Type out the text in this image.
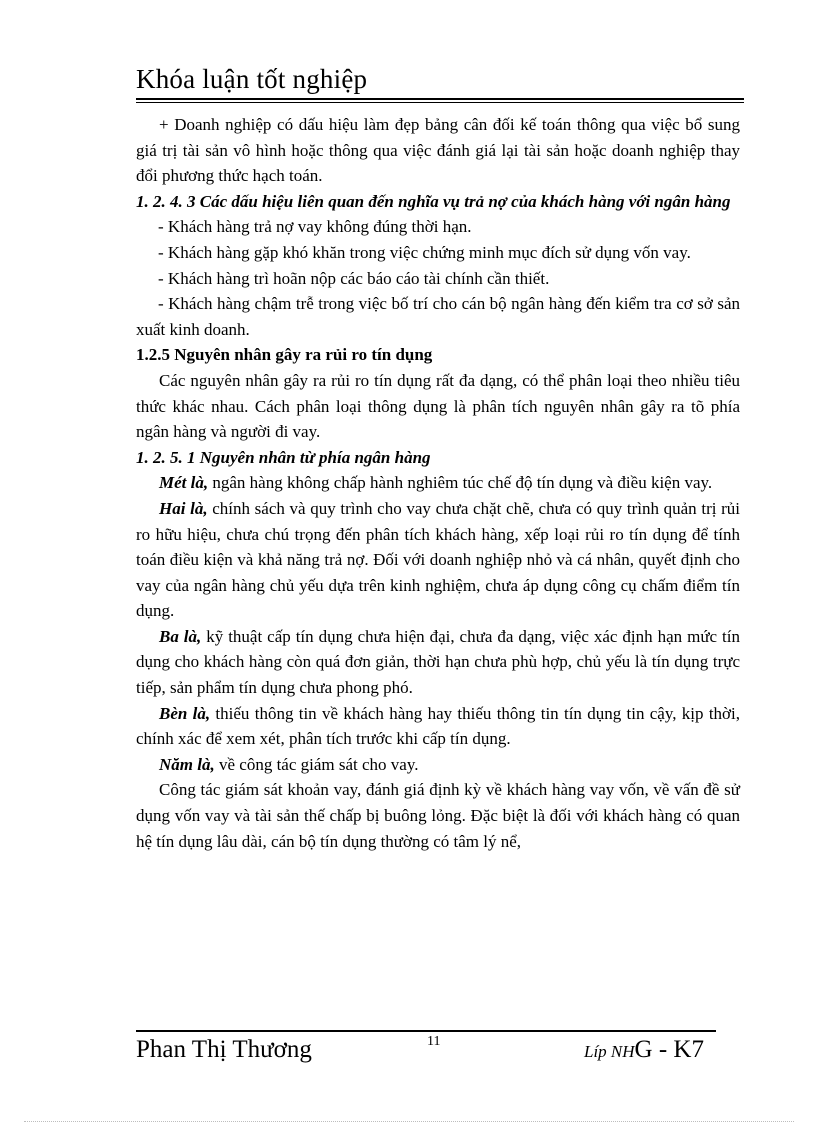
Khóa luận tốt nghiệp

+ Doanh nghiệp có dấu hiệu làm đẹp bảng cân đối kế toán thông qua việc bổ sung giá trị tài sản vô hình hoặc thông qua việc đánh giá lại tài sản hoặc doanh nghiệp thay đổi phương thức hạch toán.

1. 2. 4. 3 Các dấu hiệu liên quan đến nghĩa vụ trả nợ của khách hàng với ngân hàng

- Khách hàng trả nợ vay không đúng thời hạn.

- Khách hàng gặp khó khăn trong việc chứng minh mục đích sử dụng vốn vay.

- Khách hàng trì hoãn nộp các báo cáo tài chính cần thiết.

- Khách hàng chậm trễ trong việc bố trí cho cán bộ ngân hàng đến kiểm tra cơ sở sản xuất kinh doanh.

1.2.5 Nguyên nhân gây ra rủi ro tín dụng

Các nguyên nhân gây ra rủi ro tín dụng rất đa dạng, có thể phân loại theo nhiều tiêu thức khác nhau. Cách phân loại thông dụng là phân tích nguyên nhân gây ra tõ phía ngân hàng và người đi vay.

1. 2. 5. 1 Nguyên nhân từ phía ngân hàng

Mét là, ngân hàng không chấp hành nghiêm túc chế độ tín dụng và điều kiện vay.

Hai là, chính sách và quy trình cho vay chưa chặt chẽ, chưa có quy trình quản trị rủi ro hữu hiệu, chưa chú trọng đến phân tích khách hàng, xếp loại rủi ro tín dụng để tính toán điều kiện và khả năng trả nợ. Đối với doanh nghiệp nhỏ và cá nhân, quyết định cho vay của ngân hàng chủ yếu dựa trên kinh nghiệm, chưa áp dụng công cụ chấm điểm tín dụng.

Ba là, kỹ thuật cấp tín dụng chưa hiện đại, chưa đa dạng, việc xác định hạn mức tín dụng cho khách hàng còn quá đơn giản, thời hạn chưa phù hợp, chủ yếu là tín dụng trực tiếp, sản phẩm tín dụng chưa phong phó.

Bèn là, thiếu thông tin về khách hàng hay thiếu thông tin tín dụng tin cậy, kịp thời, chính xác để xem xét, phân tích trước khi cấp tín dụng.

Năm là, về công tác giám sát cho vay.

Công tác giám sát khoản vay, đánh giá định kỳ về khách hàng vay vốn, về vấn đề sử dụng vốn vay và tài sản thế chấp bị buông lỏng. Đặc biệt là đối với khách hàng có quan hệ tín dụng lâu dài, cán bộ tín dụng thường có tâm lý nể,

Phan Thị Thương	11
Líp NHG - K7
